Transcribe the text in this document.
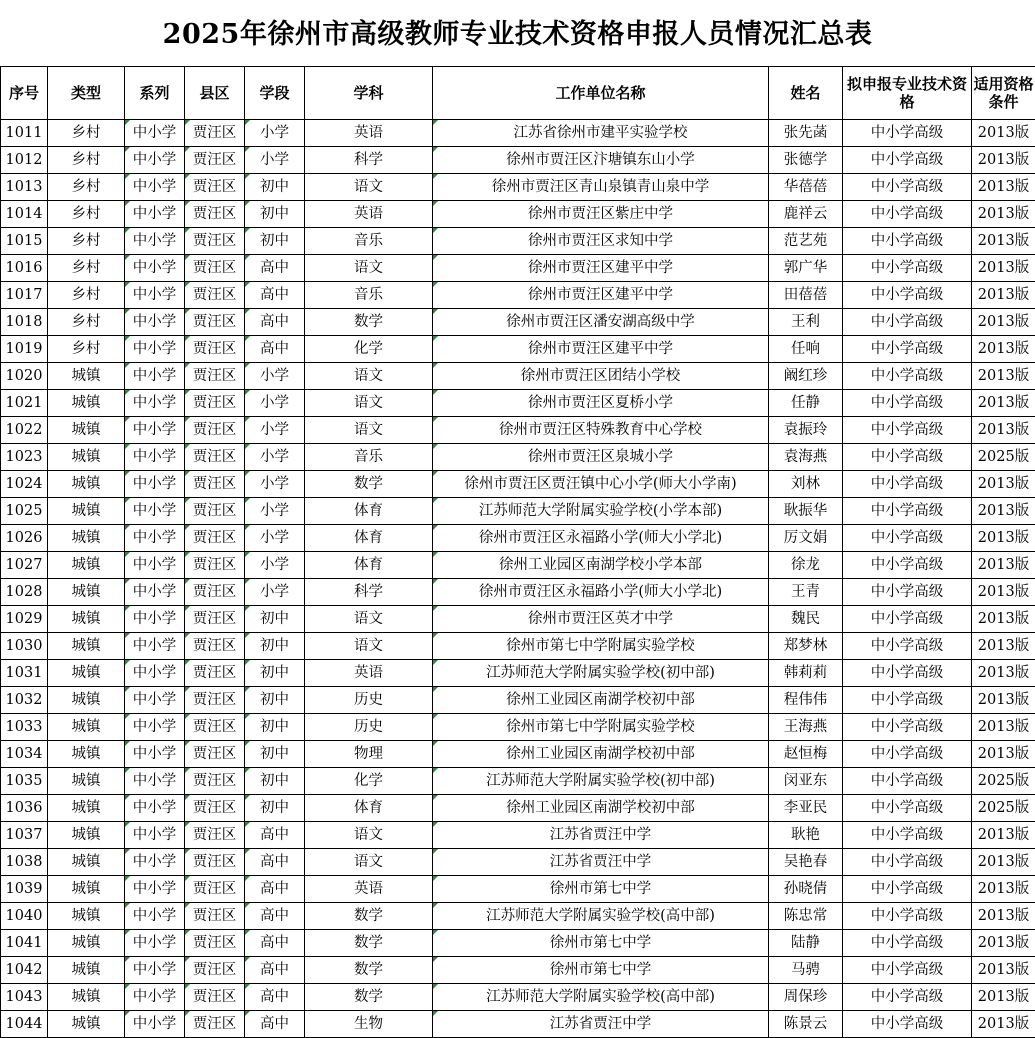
2025年徐州市高级教师专业技术资格申报人员情况汇总表
序号	类型	系列	县区	学段	学科	工作单位名称	姓名	拟申报专业技术资格	适用资格条件
1011	乡村	中小学	贾汪区	小学	英语	江苏省徐州市建平实验学校	张先菡	中小学高级	2013版
1012	乡村	中小学	贾汪区	小学	科学	徐州市贾汪区汴塘镇东山小学	张德学	中小学高级	2013版
1013	乡村	中小学	贾汪区	初中	语文	徐州市贾汪区青山泉镇青山泉中学	华蓓蓓	中小学高级	2013版
1014	乡村	中小学	贾汪区	初中	英语	徐州市贾汪区紫庄中学	鹿祥云	中小学高级	2013版
1015	乡村	中小学	贾汪区	初中	音乐	徐州市贾汪区求知中学	范艺苑	中小学高级	2013版
1016	乡村	中小学	贾汪区	高中	语文	徐州市贾汪区建平中学	郭广华	中小学高级	2013版
1017	乡村	中小学	贾汪区	高中	音乐	徐州市贾汪区建平中学	田蓓蓓	中小学高级	2013版
1018	乡村	中小学	贾汪区	高中	数学	徐州市贾汪区潘安湖高级中学	王利	中小学高级	2013版
1019	乡村	中小学	贾汪区	高中	化学	徐州市贾汪区建平中学	任响	中小学高级	2013版
1020	城镇	中小学	贾汪区	小学	语文	徐州市贾汪区团结小学校	阚红珍	中小学高级	2013版
1021	城镇	中小学	贾汪区	小学	语文	徐州市贾汪区夏桥小学	任静	中小学高级	2013版
1022	城镇	中小学	贾汪区	小学	语文	徐州市贾汪区特殊教育中心学校	袁振玲	中小学高级	2013版
1023	城镇	中小学	贾汪区	小学	音乐	徐州市贾汪区泉城小学	袁海燕	中小学高级	2025版
1024	城镇	中小学	贾汪区	小学	数学	徐州市贾汪区贾汪镇中心小学(师大小学南)	刘林	中小学高级	2013版
1025	城镇	中小学	贾汪区	小学	体育	江苏师范大学附属实验学校(小学本部)	耿振华	中小学高级	2013版
1026	城镇	中小学	贾汪区	小学	体育	徐州市贾汪区永福路小学(师大小学北)	厉文娟	中小学高级	2013版
1027	城镇	中小学	贾汪区	小学	体育	徐州工业园区南湖学校小学本部	徐龙	中小学高级	2013版
1028	城镇	中小学	贾汪区	小学	科学	徐州市贾汪区永福路小学(师大小学北)	王青	中小学高级	2013版
1029	城镇	中小学	贾汪区	初中	语文	徐州市贾汪区英才中学	魏民	中小学高级	2013版
1030	城镇	中小学	贾汪区	初中	语文	徐州市第七中学附属实验学校	郑梦林	中小学高级	2013版
1031	城镇	中小学	贾汪区	初中	英语	江苏师范大学附属实验学校(初中部)	韩莉莉	中小学高级	2013版
1032	城镇	中小学	贾汪区	初中	历史	徐州工业园区南湖学校初中部	程伟伟	中小学高级	2013版
1033	城镇	中小学	贾汪区	初中	历史	徐州市第七中学附属实验学校	王海燕	中小学高级	2013版
1034	城镇	中小学	贾汪区	初中	物理	徐州工业园区南湖学校初中部	赵恒梅	中小学高级	2013版
1035	城镇	中小学	贾汪区	初中	化学	江苏师范大学附属实验学校(初中部)	闵亚东	中小学高级	2025版
1036	城镇	中小学	贾汪区	初中	体育	徐州工业园区南湖学校初中部	李亚民	中小学高级	2025版
1037	城镇	中小学	贾汪区	高中	语文	江苏省贾汪中学	耿艳	中小学高级	2013版
1038	城镇	中小学	贾汪区	高中	语文	江苏省贾汪中学	吴艳春	中小学高级	2013版
1039	城镇	中小学	贾汪区	高中	英语	徐州市第七中学	孙晓倩	中小学高级	2013版
1040	城镇	中小学	贾汪区	高中	数学	江苏师范大学附属实验学校(高中部)	陈忠常	中小学高级	2013版
1041	城镇	中小学	贾汪区	高中	数学	徐州市第七中学	陆静	中小学高级	2013版
1042	城镇	中小学	贾汪区	高中	数学	徐州市第七中学	马骋	中小学高级	2013版
1043	城镇	中小学	贾汪区	高中	数学	江苏师范大学附属实验学校(高中部)	周保珍	中小学高级	2013版
1044	城镇	中小学	贾汪区	高中	生物	江苏省贾汪中学	陈景云	中小学高级	2013版
